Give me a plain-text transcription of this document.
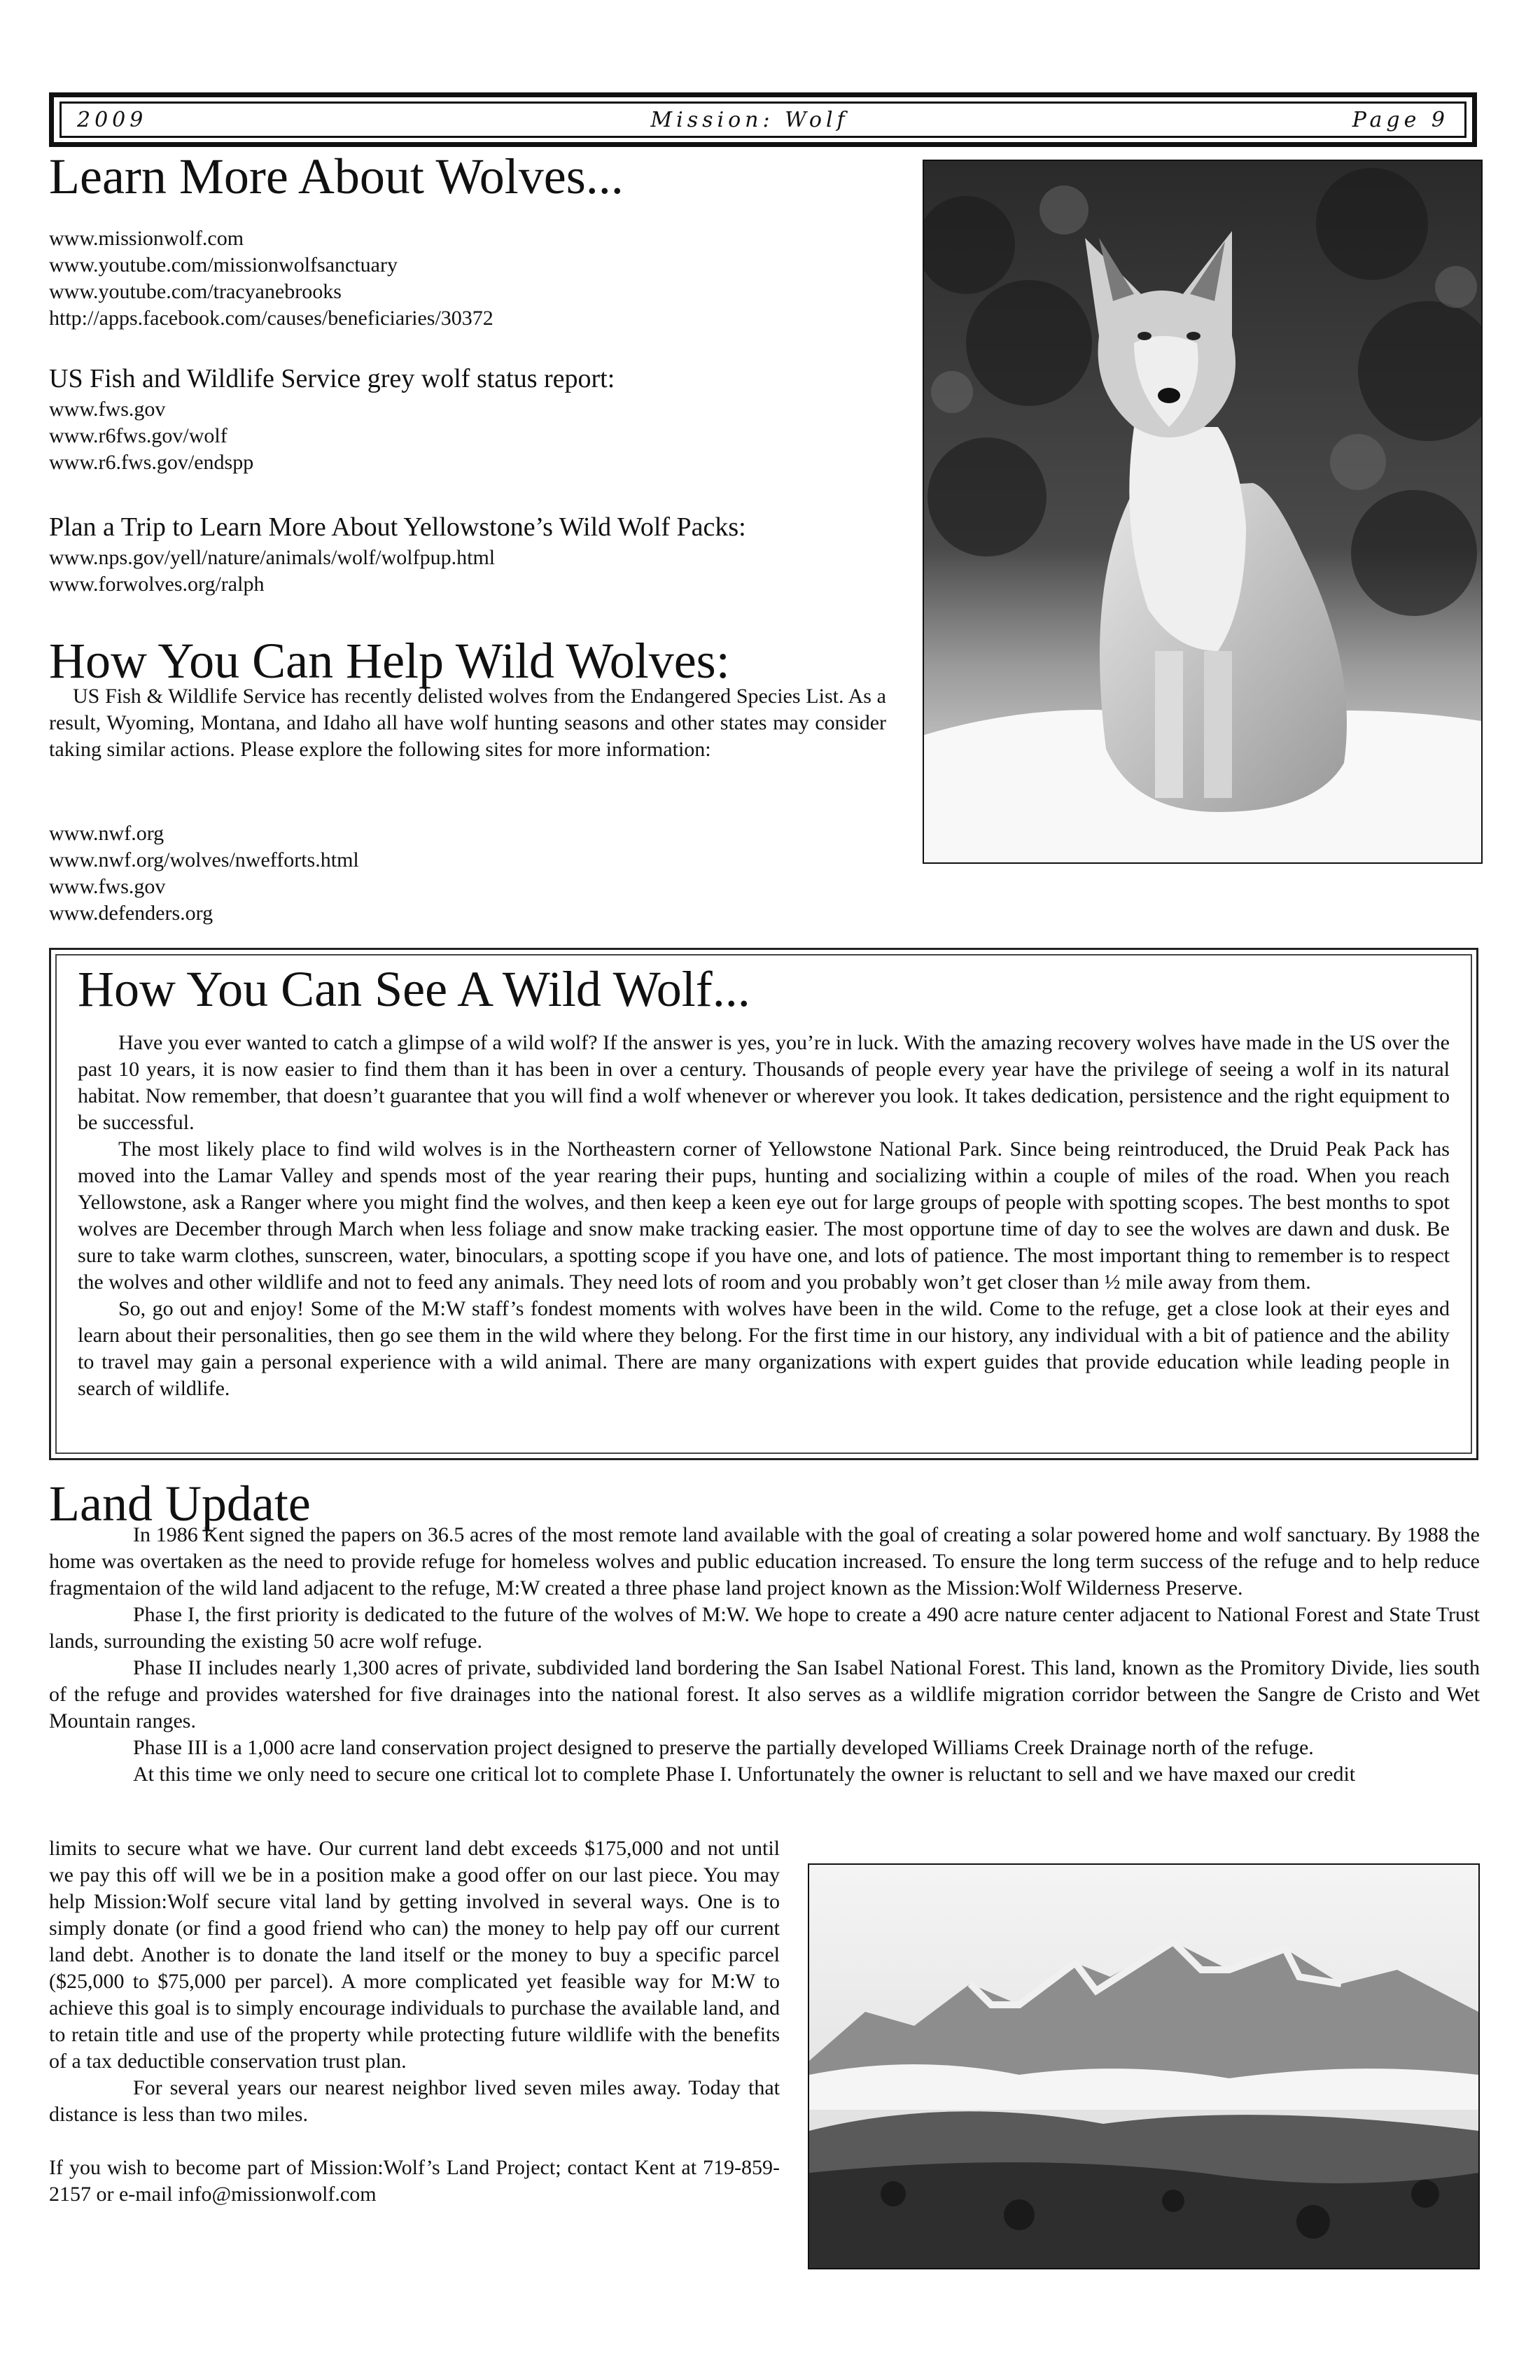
2009	Mission: Wolf	Page 9
Learn More About Wolves...
www.missionwolf.com
www.youtube.com/missionwolfsanctuary
www.youtube.com/tracyanebrooks
http://apps.facebook.com/causes/beneficiaries/30372
US Fish and Wildlife Service grey wolf status report:
www.fws.gov
www.r6fws.gov/wolf
www.r6.fws.gov/endspp
Plan a Trip to Learn More About Yellowstone’s Wild Wolf Packs:
www.nps.gov/yell/nature/animals/wolf/wolfpup.html
www.forwolves.org/ralph
How You Can Help Wild Wolves:

US Fish & Wildlife Service has recently delisted wolves from the Endangered Species List. As a result, Wyoming, Montana, and Idaho all have wolf hunting seasons and other states may consider taking similar actions. Please explore the following sites for more information:

www.nwf.org
www.nwf.org/wolves/nwefforts.html
www.fws.gov
www.defenders.org
How You Can See A Wild Wolf...

Have you ever wanted to catch a glimpse of a wild wolf? If the answer is yes, you’re in luck. With the amazing recovery wolves have made in the US over the past 10 years, it is now easier to find them than it has been in over a century. Thousands of people every year have the privilege of seeing a wolf in its natural habitat. Now remember, that doesn’t guarantee that you will find a wolf whenever or wherever you look. It takes dedication, persistence and the right equipment to be successful.

The most likely place to find wild wolves is in the Northeastern corner of Yellowstone National Park. Since being reintroduced, the Druid Peak Pack has moved into the Lamar Valley and spends most of the year rearing their pups, hunting and socializing within a couple of miles of the road. When you reach Yellowstone, ask a Ranger where you might find the wolves, and then keep a keen eye out for large groups of people with spotting scopes. The best months to spot wolves are December through March when less foliage and snow make tracking easier. The most opportune time of day to see the wolves are dawn and dusk. Be sure to take warm clothes, sunscreen, water, binoculars, a spotting scope if you have one, and lots of patience. The most important thing to remember is to respect the wolves and other wildlife and not to feed any animals. They need lots of room and you probably won’t get closer than ½ mile away from them.

So, go out and enjoy! Some of the M:W staff’s fondest moments with wolves have been in the wild. Come to the refuge, get a close look at their eyes and learn about their personalities, then go see them in the wild where they belong. For the first time in our history, any individual with a bit of patience and the ability to travel may gain a personal experience with a wild animal. There are many organizations with expert guides that provide education while leading people in search of wildlife.

Land Update

In 1986 Kent signed the papers on 36.5 acres of the most remote land available with the goal of creating a solar powered home and wolf sanctuary. By 1988 the home was overtaken as the need to provide refuge for homeless wolves and public education increased. To ensure the long term success of the refuge and to help reduce fragmentaion of the wild land adjacent to the refuge, M:W created a three phase land project known as the Mission:Wolf Wilderness Preserve.

Phase I, the first priority is dedicated to the future of the wolves of M:W. We hope to create a 490 acre nature center adjacent to National Forest and State Trust lands, surrounding the existing 50 acre wolf refuge.

Phase II includes nearly 1,300 acres of private, subdivided land bordering the San Isabel National Forest. This land, known as the Promitory Divide, lies south of the refuge and provides watershed for five drainages into the national forest. It also serves as a wildlife migration corridor between the Sangre de Cristo and Wet Mountain ranges.

Phase III is a 1,000 acre land conservation project designed to preserve the partially developed Williams Creek Drainage north of the refuge.

At this time we only need to secure one critical lot to complete Phase I. Unfortunately the owner is reluctant to sell and we have maxed our credit

limits to secure what we have. Our current land debt exceeds $175,000 and not until we pay this off will we be in a position make a good offer on our last piece. You may help Mission:Wolf secure vital land by getting involved in several ways. One is to simply donate (or find a good friend who can) the money to help pay off our current land debt. Another is to donate the land itself or the money to buy a specific parcel ($25,000 to $75,000 per parcel). A more complicated yet feasible way for M:W to achieve this goal is to simply encourage individuals to purchase the available land, and to retain title and use of the property while protecting future wildlife with the benefits of a tax deductible conservation trust plan.

For several years our nearest neighbor lived seven miles away. Today that distance is less than two miles.

If you wish to become part of Mission:Wolf’s Land Project; contact Kent at 719-859-2157 or e-mail info@missionwolf.com
